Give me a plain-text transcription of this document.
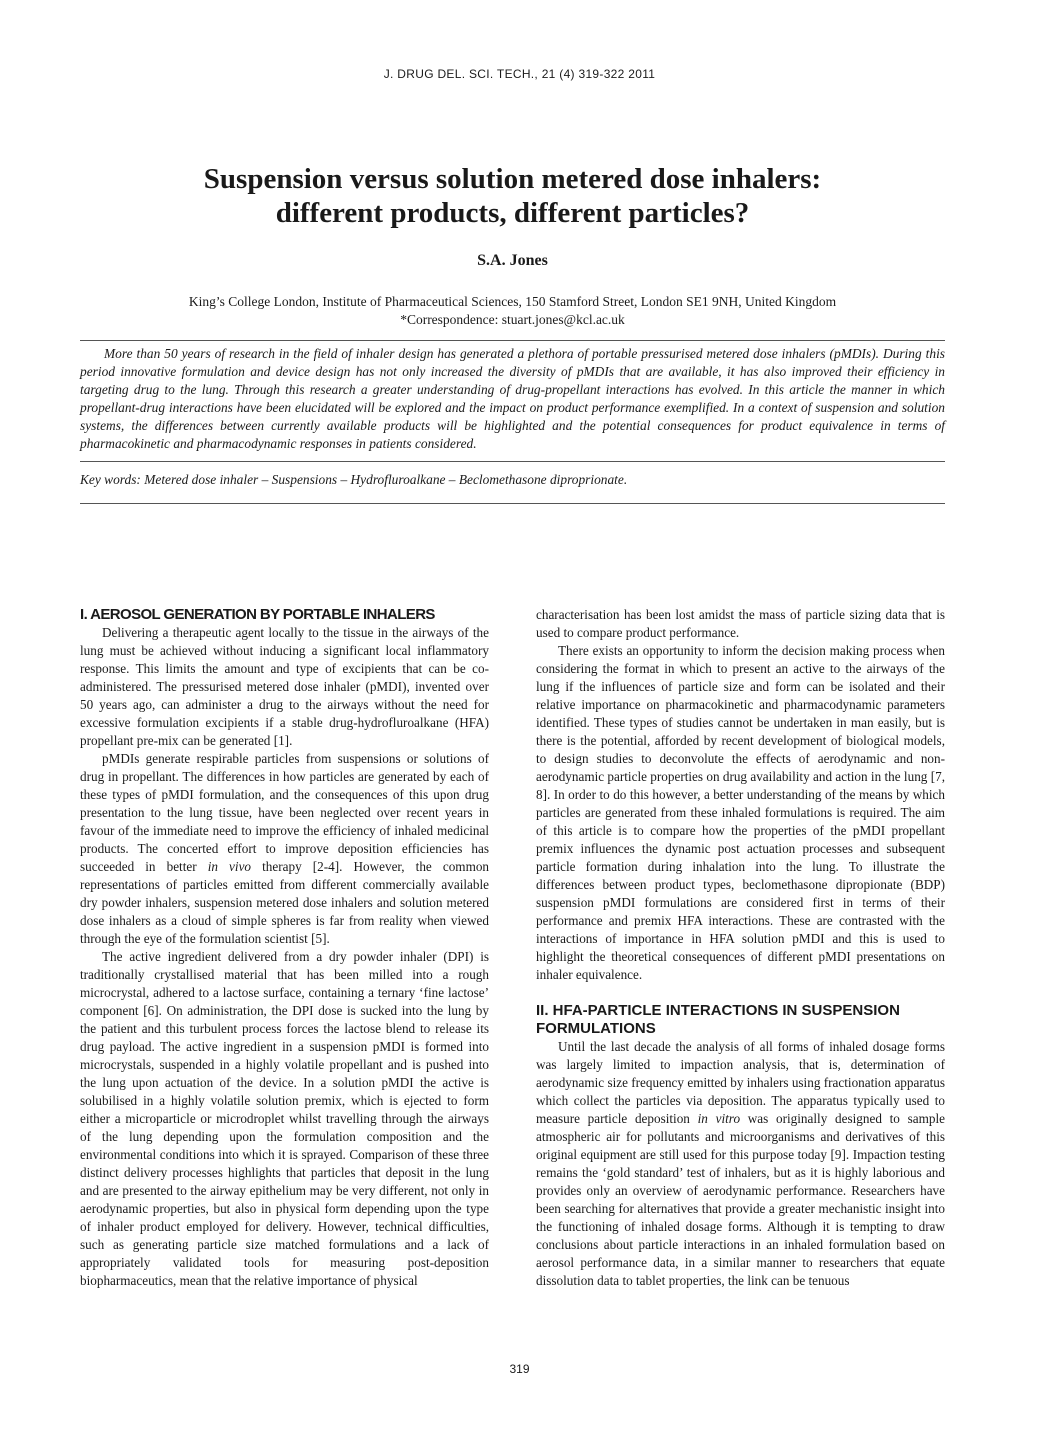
J. DRUG DEL. SCI. TECH., 21 (4) 319-322 2011
Suspension versus solution metered dose inhalers:
different products, different particles?
S.A. Jones
King’s College London, Institute of Pharmaceutical Sciences, 150 Stamford Street, London SE1 9NH, United Kingdom
*Correspondence: stuart.jones@kcl.ac.uk

More than 50 years of research in the field of inhaler design has generated a plethora of portable pressurised metered dose inhalers (pMDIs). During this period innovative formulation and device design has not only increased the diversity of pMDIs that are available, it has also improved their efficiency in targeting drug to the lung. Through this research a greater understanding of drug-propellant interactions has evolved. In this article the manner in which propellant-drug interactions have been elucidated will be explored and the impact on product performance exemplified. In a context of suspension and solution systems, the differences between currently available products will be highlighted and the potential consequences for product equivalence in terms of pharmacokinetic and pharmacodynamic responses in patients considered.

Key words: Metered dose inhaler – Suspensions – Hydrofluroalkane – Beclomethasone diproprionate.

I. AEROSOL GENERATION BY PORTABLE INHALERS

Delivering a therapeutic agent locally to the tissue in the airways of the lung must be achieved without inducing a significant local inflammatory response. This limits the amount and type of excipients that can be co-administered. The pressurised metered dose inhaler (pMDI), invented over 50 years ago, can administer a drug to the airways without the need for excessive formulation excipients if a stable drug-hydrofluroalkane (HFA) propellant pre-mix can be generated [1].

pMDIs generate respirable particles from suspensions or solutions of drug in propellant. The differences in how particles are generated by each of these types of pMDI formulation, and the consequences of this upon drug presentation to the lung tissue, have been neglected over recent years in favour of the immediate need to improve the efficiency of inhaled medicinal products. The concerted effort to improve deposition efficiencies has succeeded in better in vivo therapy [2-4]. However, the common representations of particles emitted from different commercially available dry powder inhalers, suspension metered dose inhalers and solution metered dose inhalers as a cloud of simple spheres is far from reality when viewed through the eye of the formulation scientist [5].

The active ingredient delivered from a dry powder inhaler (DPI) is traditionally crystallised material that has been milled into a rough microcrystal, adhered to a lactose surface, containing a ternary ‘fine lactose’ component [6]. On administration, the DPI dose is sucked into the lung by the patient and this turbulent process forces the lactose blend to release its drug payload. The active ingredient in a suspension pMDI is formed into microcrystals, suspended in a highly volatile propellant and is pushed into the lung upon actuation of the device. In a solution pMDI the active is solubilised in a highly volatile solution premix, which is ejected to form either a microparticle or microdroplet whilst travelling through the airways of the lung depending upon the formulation composition and the environmental conditions into which it is sprayed. Comparison of these three distinct delivery processes highlights that particles that deposit in the lung and are presented to the airway epithelium may be very different, not only in aerodynamic properties, but also in physical form depending upon the type of inhaler product employed for delivery. However, technical difficulties, such as generating particle size matched formulations and a lack of appropriately validated tools for measuring post-deposition biopharmaceutics, mean that the relative importance of physical

characterisation has been lost amidst the mass of particle sizing data that is used to compare product performance.

There exists an opportunity to inform the decision making process when considering the format in which to present an active to the airways of the lung if the influences of particle size and form can be isolated and their relative importance on pharmacokinetic and pharmacodynamic parameters identified. These types of studies cannot be undertaken in man easily, but is there is the potential, afforded by recent development of biological models, to design studies to deconvolute the effects of aerodynamic and non-aerodynamic particle properties on drug availability and action in the lung [7, 8]. In order to do this however, a better understanding of the means by which particles are generated from these inhaled formulations is required. The aim of this article is to compare how the properties of the pMDI propellant premix influences the dynamic post actuation processes and subsequent particle formation during inhalation into the lung. To illustrate the differences between product types, beclomethasone dipropionate (BDP) suspension pMDI formulations are considered first in terms of their performance and premix HFA interactions. These are contrasted with the interactions of importance in HFA solution pMDI and this is used to highlight the theoretical consequences of different pMDI presentations on inhaler equivalence.

II. HFA-PARTICLE INTERACTIONS IN SUSPENSION FORMULATIONS

Until the last decade the analysis of all forms of inhaled dosage forms was largely limited to impaction analysis, that is, determination of aerodynamic size frequency emitted by inhalers using fractionation apparatus which collect the particles via deposition. The apparatus typically used to measure particle deposition in vitro was originally designed to sample atmospheric air for pollutants and microorganisms and derivatives of this original equipment are still used for this purpose today [9]. Impaction testing remains the ‘gold standard’ test of inhalers, but as it is highly laborious and provides only an overview of aerodynamic performance. Researchers have been searching for alternatives that provide a greater mechanistic insight into the functioning of inhaled dosage forms. Although it is tempting to draw conclusions about particle interactions in an inhaled formulation based on aerosol performance data, in a similar manner to researchers that equate dissolution data to tablet properties, the link can be tenuous

319
